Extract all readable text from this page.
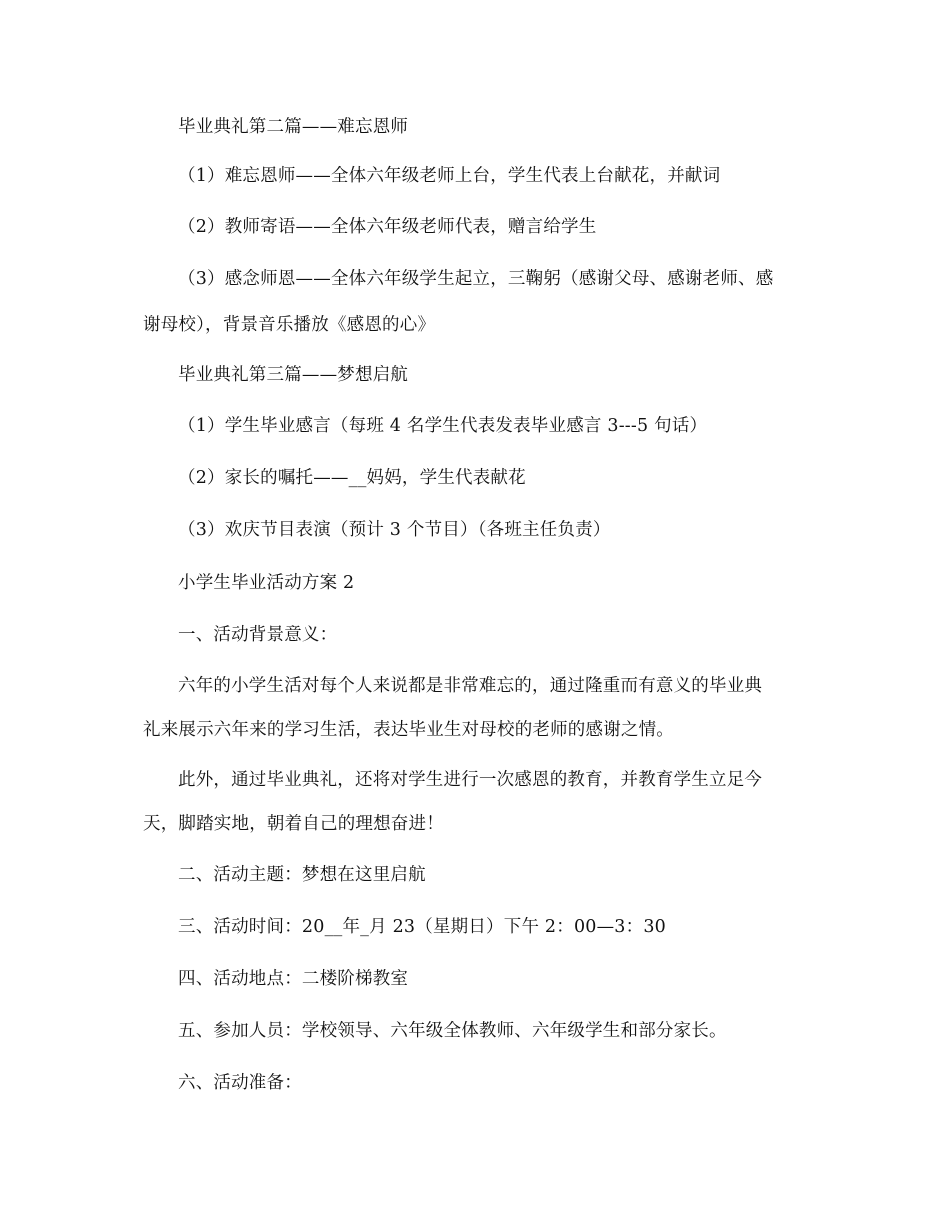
毕业典礼第二篇——难忘恩师
（1）难忘恩师——全体六年级老师上台，学生代表上台献花，并献词
（2）教师寄语——全体六年级老师代表，赠言给学生
（3）感念师恩——全体六年级学生起立，三鞠躬（感谢父母、感谢老师、感
谢母校），背景音乐播放《感恩的心》
毕业典礼第三篇——梦想启航
（1）学生毕业感言（每班 4 名学生代表发表毕业感言 3---5 句话）
（2）家长的嘱托——__妈妈，学生代表献花
（3）欢庆节目表演（预计 3 个节目）（各班主任负责）
小学生毕业活动方案 2
一、活动背景意义：
六年的小学生活对每个人来说都是非常难忘的，通过隆重而有意义的毕业典
礼来展示六年来的学习生活，表达毕业生对母校的老师的感谢之情。
此外，通过毕业典礼，还将对学生进行一次感恩的教育，并教育学生立足今
天，脚踏实地，朝着自己的理想奋进！
二、活动主题：梦想在这里启航
三、活动时间：20__年_月 23（星期日）下午 2：00—3：30
四、活动地点：二楼阶梯教室
五、参加人员：学校领导、六年级全体教师、六年级学生和部分家长。
六、活动准备：
